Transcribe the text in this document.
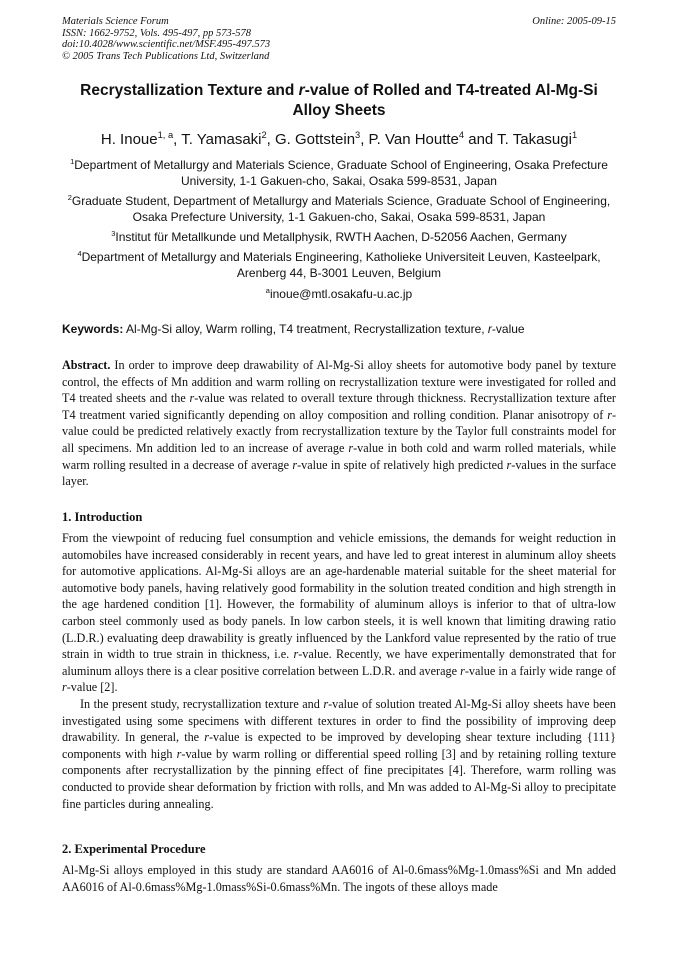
Materials Science Forum
ISSN: 1662-9752, Vols. 495-497, pp 573-578
doi:10.4028/www.scientific.net/MSF.495-497.573
© 2005 Trans Tech Publications Ltd, Switzerland
Online: 2005-09-15
Recrystallization Texture and r-value of Rolled and T4-treated Al-Mg-Si Alloy Sheets
H. Inoue$^{1, a}$, T. Yamasaki$^2$, G. Gottstein$^3$, P. Van Houtte$^4$ and T. Takasugi$^1$
$^1$Department of Metallurgy and Materials Science, Graduate School of Engineering, Osaka Prefecture University, 1-1 Gakuen-cho, Sakai, Osaka 599-8531, Japan
$^2$Graduate Student, Department of Metallurgy and Materials Science, Graduate School of Engineering, Osaka Prefecture University, 1-1 Gakuen-cho, Sakai, Osaka 599-8531, Japan
$^3$Institut für Metallkunde und Metallphysik, RWTH Aachen, D-52056 Aachen, Germany
$^4$Department of Metallurgy and Materials Engineering, Katholieke Universiteit Leuven, Kasteelpark, Arenberg 44, B-3001 Leuven, Belgium
$^a$inoue@mtl.osakafu-u.ac.jp
Keywords: Al-Mg-Si alloy, Warm rolling, T4 treatment, Recrystallization texture, r-value
Abstract. In order to improve deep drawability of Al-Mg-Si alloy sheets for automotive body panel by texture control, the effects of Mn addition and warm rolling on recrystallization texture were investigated for rolled and T4 treated sheets and the r-value was related to overall texture through thickness. Recrystallization texture after T4 treatment varied significantly depending on alloy composition and rolling condition. Planar anisotropy of r-value could be predicted relatively exactly from recrystallization texture by the Taylor full constraints model for all specimens. Mn addition led to an increase of average r-value in both cold and warm rolled materials, while warm rolling resulted in a decrease of average r-value in spite of relatively high predicted r-values in the surface layer.
1. Introduction
From the viewpoint of reducing fuel consumption and vehicle emissions, the demands for weight reduction in automobiles have increased considerably in recent years, and have led to great interest in aluminum alloy sheets for automotive applications. Al-Mg-Si alloys are an age-hardenable material suitable for the sheet material for automotive body panels, having relatively good formability in the solution treated condition and high strength in the age hardened condition [1]. However, the formability of aluminum alloys is inferior to that of ultra-low carbon steel commonly used as body panels. In low carbon steels, it is well known that limiting drawing ratio (L.D.R.) evaluating deep drawability is greatly influenced by the Lankford value represented by the ratio of true strain in width to true strain in thickness, i.e. r-value. Recently, we have experimentally demonstrated that for aluminum alloys there is a clear positive correlation between L.D.R. and average r-value in a fairly wide range of r-value [2].
In the present study, recrystallization texture and r-value of solution treated Al-Mg-Si alloy sheets have been investigated using some specimens with different textures in order to find the possibility of improving deep drawability. In general, the r-value is expected to be improved by developing shear texture including {111} components with high r-value by warm rolling or differential speed rolling [3] and by retaining rolling texture components after recrystallization by the pinning effect of fine precipitates [4]. Therefore, warm rolling was conducted to provide shear deformation by friction with rolls, and Mn was added to Al-Mg-Si alloy to precipitate fine particles during annealing.
2. Experimental Procedure
Al-Mg-Si alloys employed in this study are standard AA6016 of Al-0.6mass%Mg-1.0mass%Si and Mn added AA6016 of Al-0.6mass%Mg-1.0mass%Si-0.6mass%Mn. The ingots of these alloys made
